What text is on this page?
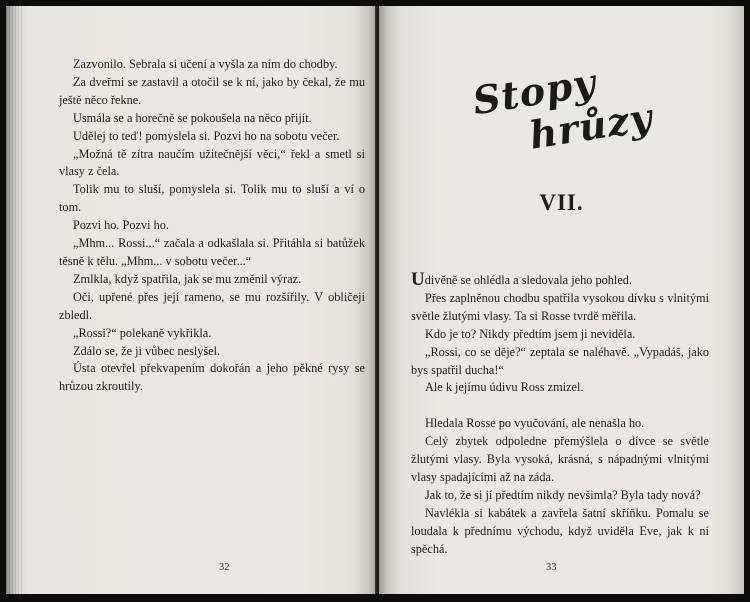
Zazvonilo. Sebrala si učení a vyšla za ním do chodby.

Za dveřmi se zastavil a otočil se k ní, jako by čekal, že mu ještě něco řekne.

Usmála se a horečně se pokoušela na něco přijít.

Udělej to teď! pomyslela si. Pozvi ho na sobotu večer.

„Možná tě zítra naučím užitečnější věci,“ řekl a smetl si vlasy z čela.

Tolik mu to sluší, pomyslela si. Tolik mu to sluší a ví o tom.

Pozvi ho. Pozvi ho.

„Mhm... Rossi...“ začala a odkašlala si. Přitáhla si batůžek těsně k tělu. „Mhm... v sobotu večer...“

Zmlkla, když spatřila, jak se mu změnil výraz.

Oči, upřené přes její rameno, se mu rozšířily. V obličeji zbledl.

„Rossi?“ polekaně vykřikla.

Zdálo se, že ji vůbec neslyšel.

Ústa otevřel překvapením dokořán a jeho pěkné rysy se hrůzou zkroutily.

32
Stopy
hrůzy
VII.

Udivěně se ohlédla a sledovala jeho pohled.

Přes zaplněnou chodbu spatřila vysokou dívku s vlnitými světle žlutými vlasy. Ta si Rosse tvrdě měřila.

Kdo je to? Nikdy předtím jsem ji neviděla.

„Rossi, co se děje?“ zeptala se naléhavě. „Vypadáš, jako bys spatřil ducha!“

Ale k jejímu údivu Ross zmizel.

Hledala Rosse po vyučování, ale nenašla ho.

Celý zbytek odpoledne přemýšlela o dívce se světle žlutými vlasy. Byla vysoká, krásná, s nápadnými vlnitými vlasy spadajícími až na záda.

Jak to, že si jí předtím nikdy nevšimla? Byla tady nová?

Navlékla si kabátek a zavřela šatní skříňku. Pomalu se loudala k přednímu východu, když uviděla Eve, jak k ní spěchá.

33
